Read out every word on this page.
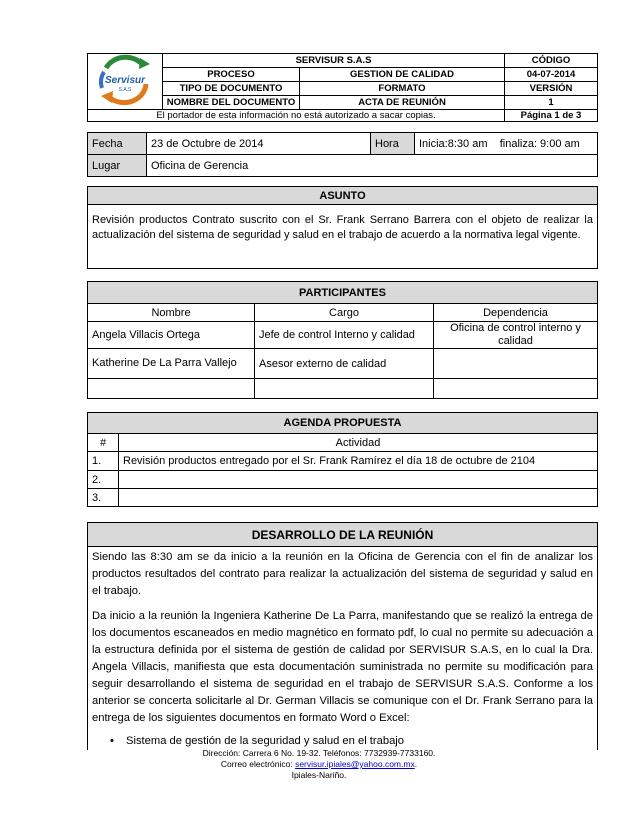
Servisur
S.A.S	SERVISUR S.A.S		CÓDIGO
	PROCESO	GESTION DE CALIDAD	04-07-2014
	TIPO DE DOCUMENTO	FORMATO	VERSIÓN
	NOMBRE DEL DOCUMENTO	ACTA DE REUNIÓN	1
El portador de esta información no está autorizado a sacar copias.			Página 1 de 3
Fecha	23 de Octubre de 2014	Hora	Inicia:8:30 am    finaliza: 9:00 am
Lugar	Oficina de Gerencia		
ASUNTO
Revisión productos Contrato suscrito con el Sr. Frank Serrano Barrera con el objeto de realizar la actualización del sistema de seguridad y salud en el trabajo de acuerdo a la normativa legal vigente.
PARTICIPANTES		
Nombre	Cargo	Dependencia
Angela Villacis Ortega	Jefe de control Interno y calidad	Oficina de control interno y calidad
Katherine De La Parra Vallejo	Asesor externo de calidad	

AGENDA PROPUESTA	
#	Actividad
1.	Revisión productos entregado por el Sr. Frank Ramírez el día 18 de octubre de 2104
2.	
3.	
DESARROLLO DE LA REUNIÓN

Siendo las 8:30 am se da inicio a la reunión en la Oficina de Gerencia con el fin de analizar los productos resultados del contrato para realizar la actualización del sistema de seguridad y salud en el trabajo.

Da inicio a la reunión la Ingeniera Katherine De La Parra, manifestando que se realizó la entrega de los documentos escaneados en medio magnético en formato pdf, lo cual no permite su adecuación a la estructura definida por el sistema de gestión de calidad por SERVISUR S.A.S, en lo cual la Dra. Angela Villacis, manifiesta que esta documentación suministrada no permite su modificación para seguir desarrollando el sistema de seguridad en el trabajo de SERVISUR S.A.S. Conforme a los anterior se concerta solicitarle al Dr. German Villacis se comunique con el Dr. Frank Serrano para la entrega de los siguientes documentos en formato Word o Excel:

• Sistema de gestión de la seguridad y salud en el trabajo
Dirección: Carrera 6 No. 19-32. Teléfonos: 7732939-7733160.
Correo electrónico: servisur.ipiales@yahoo.com.mx.
Ipiales-Nariño.
